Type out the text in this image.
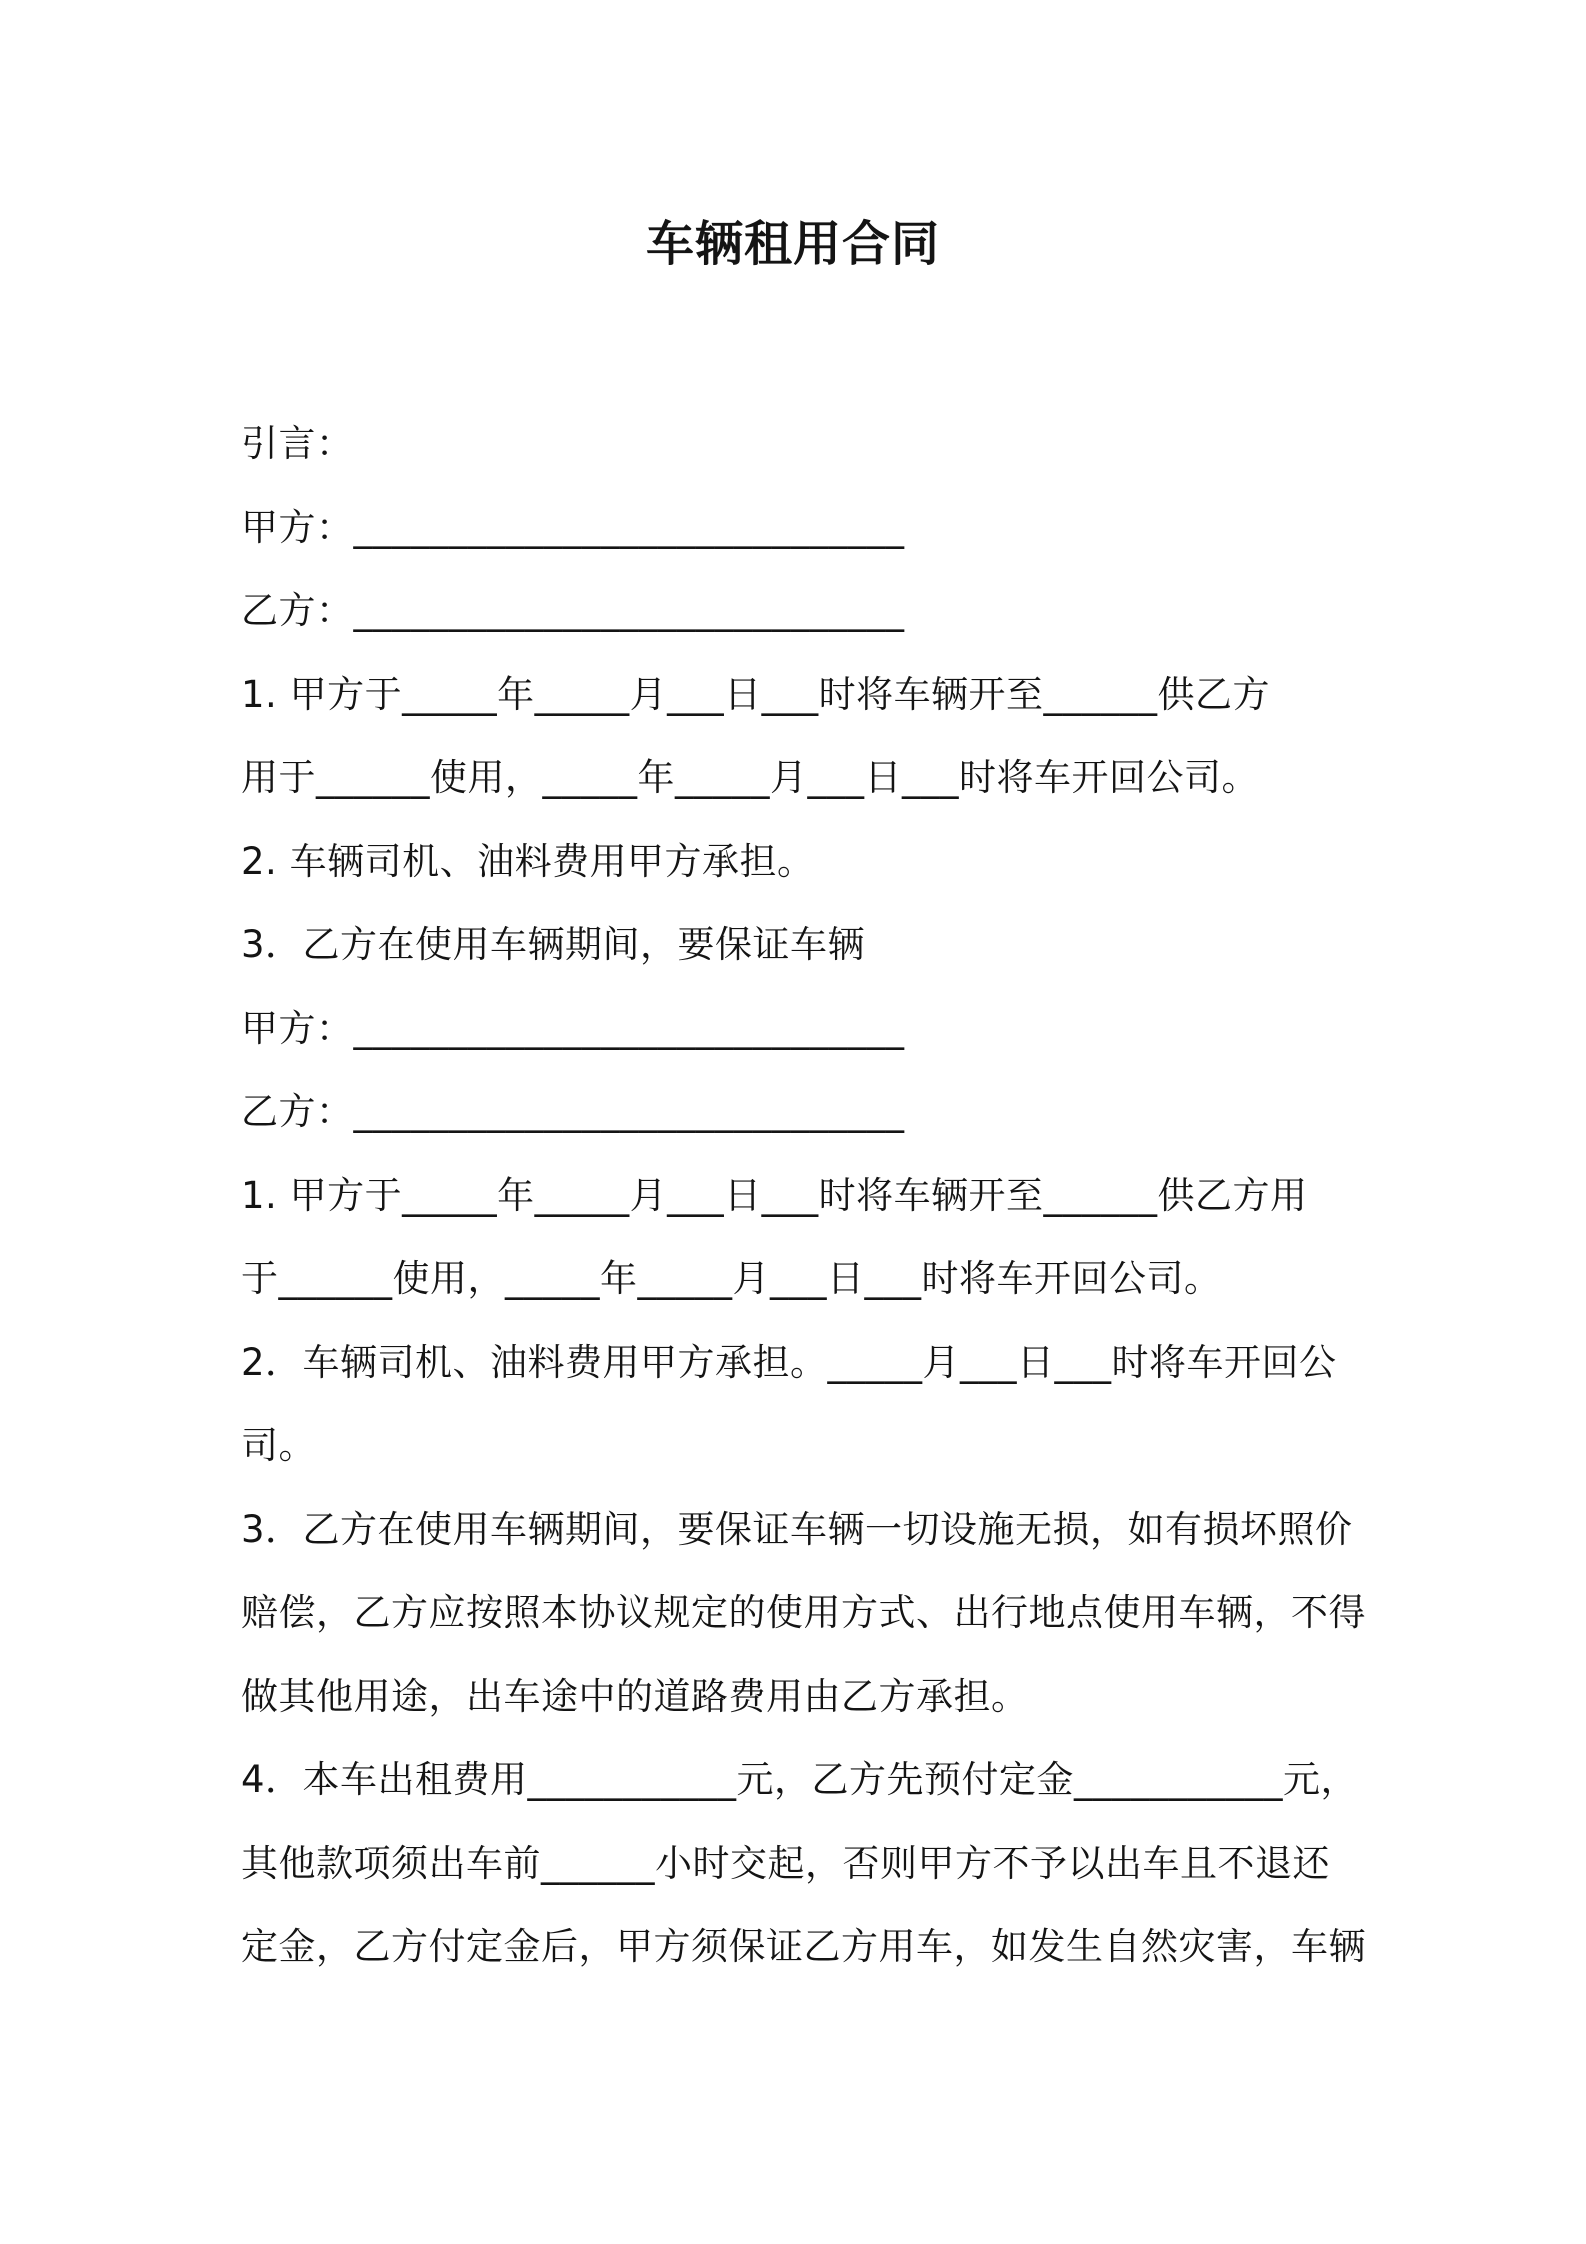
车辆租用合同
引言：
甲方：_____________________________
乙方：_____________________________
1. 甲方于_____年_____月___日___时将车辆开至______供乙方
用于______使用，_____年_____月___日___时将车开回公司。
2. 车辆司机、油料费用甲方承担。
3．乙方在使用车辆期间，要保证车辆
甲方：_____________________________
乙方：_____________________________
1. 甲方于_____年_____月___日___时将车辆开至______供乙方用
于______使用，_____年_____月___日___时将车开回公司。
2．车辆司机、油料费用甲方承担。_____月___日___时将车开回公
司。
3．乙方在使用车辆期间，要保证车辆一切设施无损，如有损坏照价
赔偿，乙方应按照本协议规定的使用方式、出行地点使用车辆，不得
做其他用途，出车途中的道路费用由乙方承担。
4．本车出租费用___________元，乙方先预付定金___________元，
其他款项须出车前______小时交起，否则甲方不予以出车且不退还
定金，乙方付定金后，甲方须保证乙方用车，如发生自然灾害，车辆
